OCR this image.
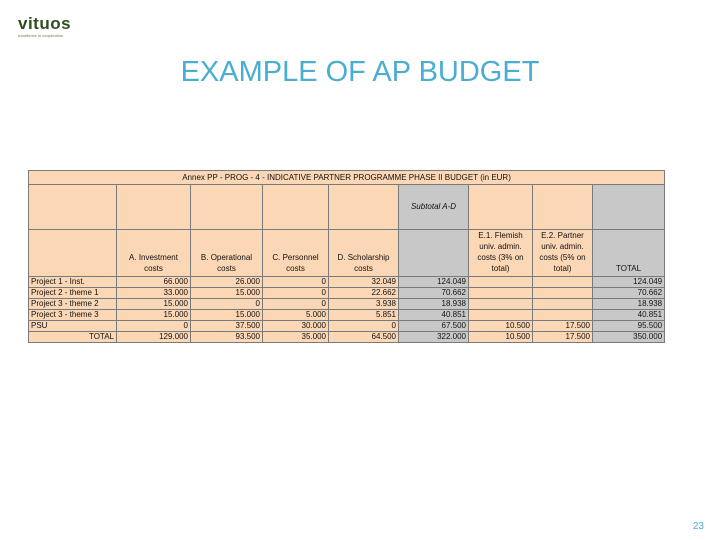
vituos
excellence in cooperation
EXAMPLE OF AP BUDGET
Annex PP - PROG - 4 - INDICATIVE PARTNER PROGRAMME PHASE II BUDGET (in EUR)								
					Subtotal A-D			
	A. Investment costs	B. Operational costs	C. Personnel costs	D. Scholarship costs		E.1. Flemish univ. admin. costs (3% on total)	E.2. Partner univ. admin. costs (5% on total)	TOTAL
Project 1 - Inst.	66.000	26.000	0	32.049	124.049			124.049
Project 2 - theme 1	33.000	15.000	0	22.662	70.662			70.662
Project 3 - theme 2	15.000	0	0	3.938	18.938			18.938
Project 3 - theme 3	15.000	15.000	5.000	5.851	40.851			40.851
PSU	0	37.500	30.000	0	67.500	10.500	17.500	95.500
TOTAL	129.000	93.500	35.000	64.500	322.000	10.500	17.500	350.000
23
